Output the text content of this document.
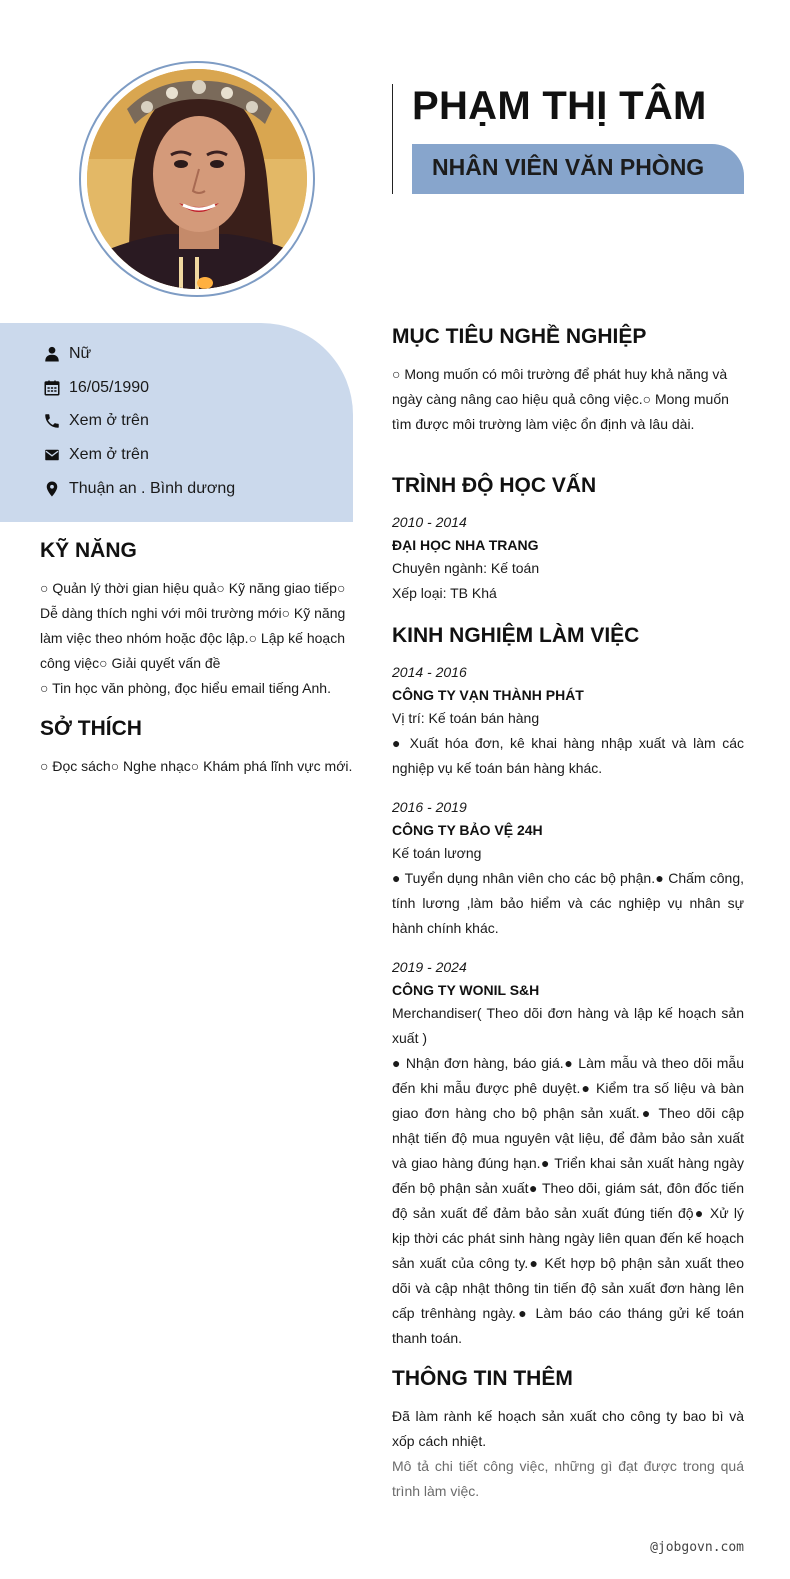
PHẠM THỊ TÂM
NHÂN VIÊN VĂN PHÒNG
Nữ
16/05/1990
Xem ở trên
Xem ở trên
Thuận an . Bình dương
KỸ NĂNG
○ Quản lý thời gian hiệu quả○ Kỹ năng giao tiếp○
Dễ dàng thích nghi với môi trường mới○ Kỹ năng
làm việc theo nhóm hoặc độc lập.○ Lập kế hoạch
công việc○ Giải quyết vấn đề
○ Tin học văn phòng, đọc hiểu email tiếng Anh.
SỞ THÍCH
○ Đọc sách○ Nghe nhạc○ Khám phá lĩnh vực mới.
MỤC TIÊU NGHỀ NGHIỆP
○ Mong muốn có môi trường để phát huy khả năng và
ngày càng nâng cao hiệu quả công việc.○ Mong muốn
tìm được môi trường làm việc ổn định và lâu dài.
TRÌNH ĐỘ HỌC VẤN
2010 - 2014
ĐẠI HỌC NHA TRANG
Chuyên ngành: Kế toán
Xếp loại: TB Khá
KINH NGHIỆM LÀM VIỆC
2014 - 2016
CÔNG TY VẠN THÀNH PHÁT
Vị trí: Kế toán bán hàng
● Xuất hóa đơn, kê khai hàng nhập xuất và làm các nghiệp vụ kế toán bán hàng khác.
2016 - 2019
CÔNG TY BẢO VỆ 24H
Kế toán lương
● Tuyển dụng nhân viên cho các bộ phận.● Chấm công, tính lương ,làm bảo hiểm và các nghiệp vụ nhân sự hành chính khác.
2019 - 2024
CÔNG TY WONIL S&H
Merchandiser( Theo dõi đơn hàng và lập kế hoạch sản xuất )
● Nhận đơn hàng, báo giá.● Làm mẫu và theo dõi mẫu đến khi mẫu được phê duyệt.● Kiểm tra số liệu và bàn giao đơn hàng cho bộ phận sản xuất.● Theo dõi cập nhật tiến độ mua nguyên vật liệu, để đảm bảo sản xuất và giao hàng đúng hạn.● Triển khai sản xuất hàng ngày đến bộ phận sản xuất● Theo dõi, giám sát, đôn đốc tiến độ sản xuất để đảm bảo sản xuất đúng tiến độ● Xử lý kịp thời các phát sinh hàng ngày liên quan đến kế hoạch sản xuất của công ty.● Kết hợp bộ phận sản xuất theo dõi và cập nhật thông tin tiến độ sản xuất đơn hàng lên cấp trênhàng ngày.● Làm báo cáo tháng gửi kế toán thanh toán.
THÔNG TIN THÊM
Đã làm rành kế hoạch sản xuất cho công ty bao bì và xốp cách nhiệt.
Mô tả chi tiết công việc, những gì đạt được trong quá trình làm việc.
@jobgovn.com
